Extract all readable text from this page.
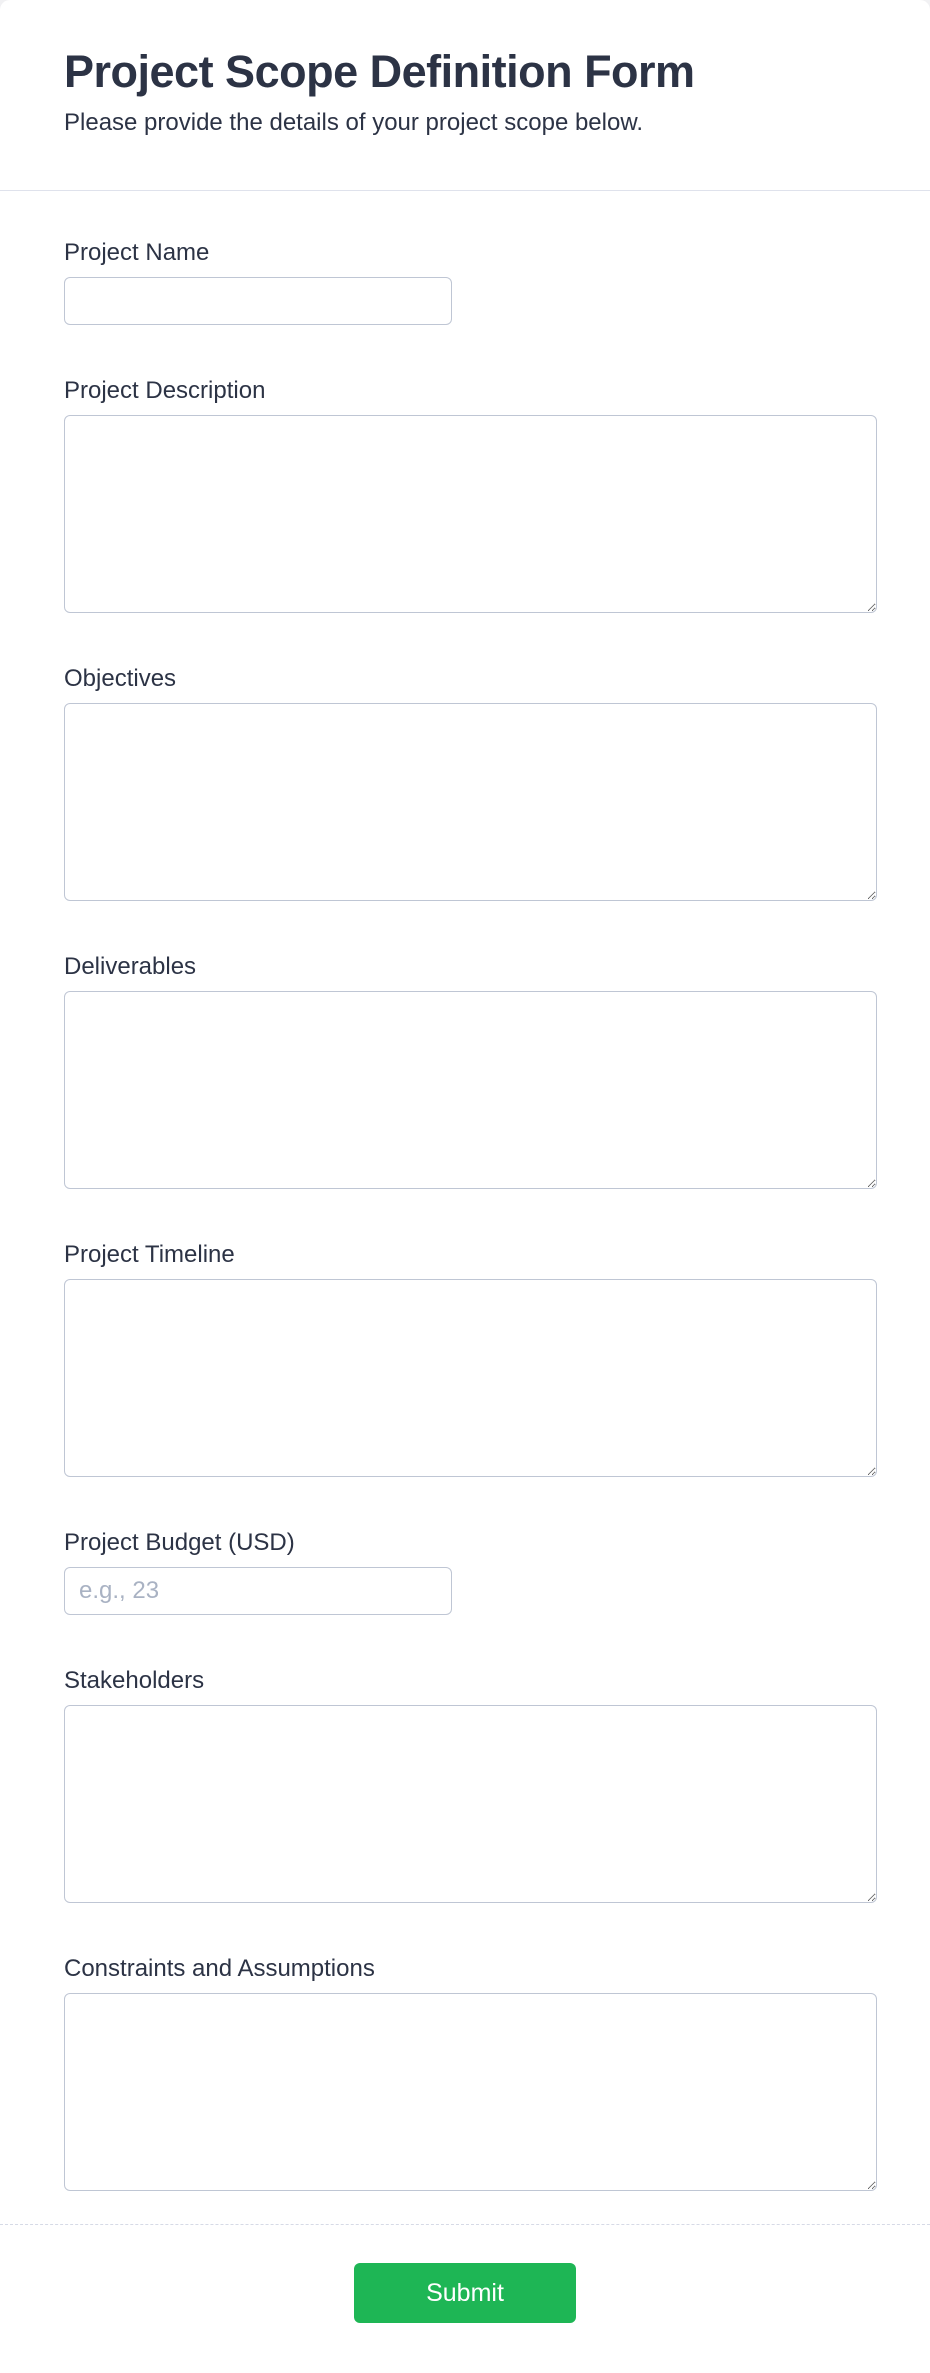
Project Scope Definition Form
Please provide the details of your project scope below.
Project Name
Project Description
Objectives
Deliverables
Project Timeline
Project Budget (USD)
e.g., 23
Stakeholders
Constraints and Assumptions
Submit
